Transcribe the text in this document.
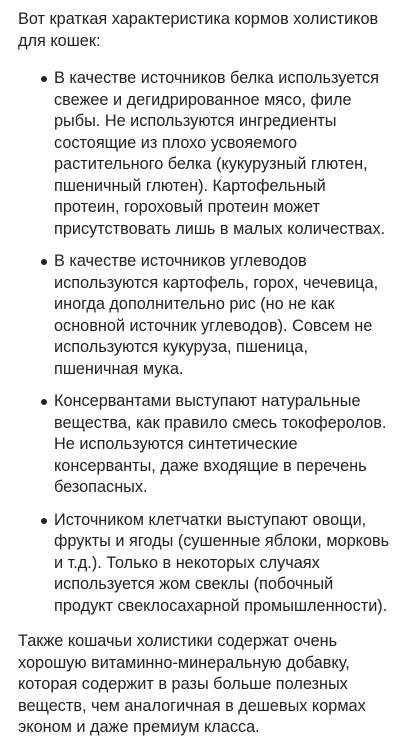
Вот краткая характеристика кормов холистиков для кошек:

В качестве источников белка используется свежее и дегидрированное мясо, филе рыбы. Не используются ингредиенты состоящие из плохо усвояемого растительного белка (кукурузный глютен, пшеничный глютен). Картофельный протеин, гороховый протеин может присутствовать лишь в малых количествах.
В качестве источников углеводов используются картофель, горох, чечевица, иногда дополнительно рис (но не как основной источник углеводов). Совсем не используются кукуруза, пшеница, пшеничная мука.
Консервантами выступают натуральные вещества, как правило смесь токоферолов. Не используются синтетические консерванты, даже входящие в перечень безопасных.
Источником клетчатки выступают овощи, фрукты и ягоды (сушенные яблоки, морковь и т.д.). Только в некоторых случаях используется жом свеклы (побочный продукт свеклосахарной промышленности).

Также кошачьи холистики содержат очень хорошую витаминно-минеральную добавку, которая содержит в разы больше полезных веществ, чем аналогичная в дешевых кормах эконом и даже премиум класса.
